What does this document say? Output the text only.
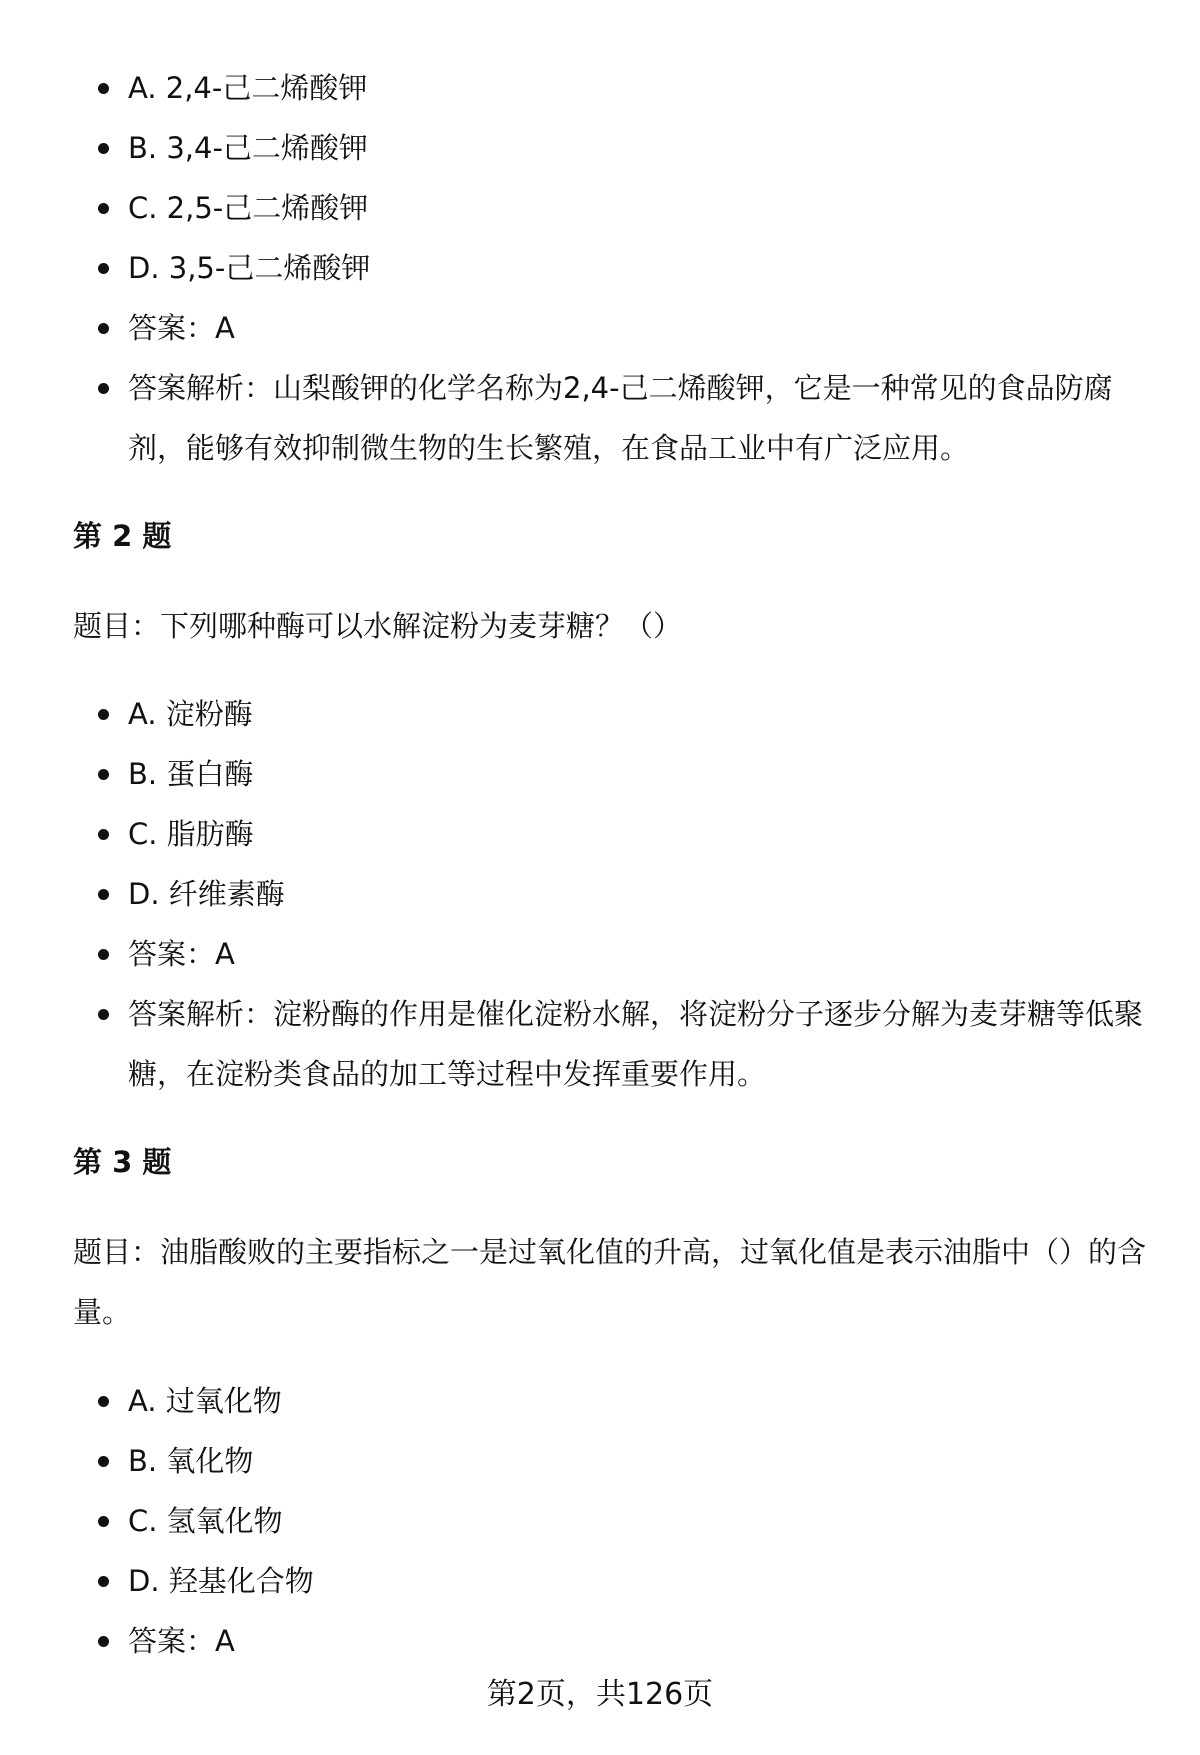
A. 2,4-己二烯酸钾
B. 3,4-己二烯酸钾
C. 2,5-己二烯酸钾
D. 3,5-己二烯酸钾
答案：A
答案解析：山梨酸钾的化学名称为2,4-己二烯酸钾，它是一种常见的食品防腐剂，能够有效抑制微生物的生长繁殖，在食品工业中有广泛应用。
第 2 题
题目：下列哪种酶可以水解淀粉为麦芽糖？（）
A. 淀粉酶
B. 蛋白酶
C. 脂肪酶
D. 纤维素酶
答案：A
答案解析：淀粉酶的作用是催化淀粉水解，将淀粉分子逐步分解为麦芽糖等低聚糖，在淀粉类食品的加工等过程中发挥重要作用。
第 3 题
题目：油脂酸败的主要指标之一是过氧化值的升高，过氧化值是表示油脂中（）的含量。
A. 过氧化物
B. 氧化物
C. 氢氧化物
D. 羟基化合物
答案：A
第2页，共126页
